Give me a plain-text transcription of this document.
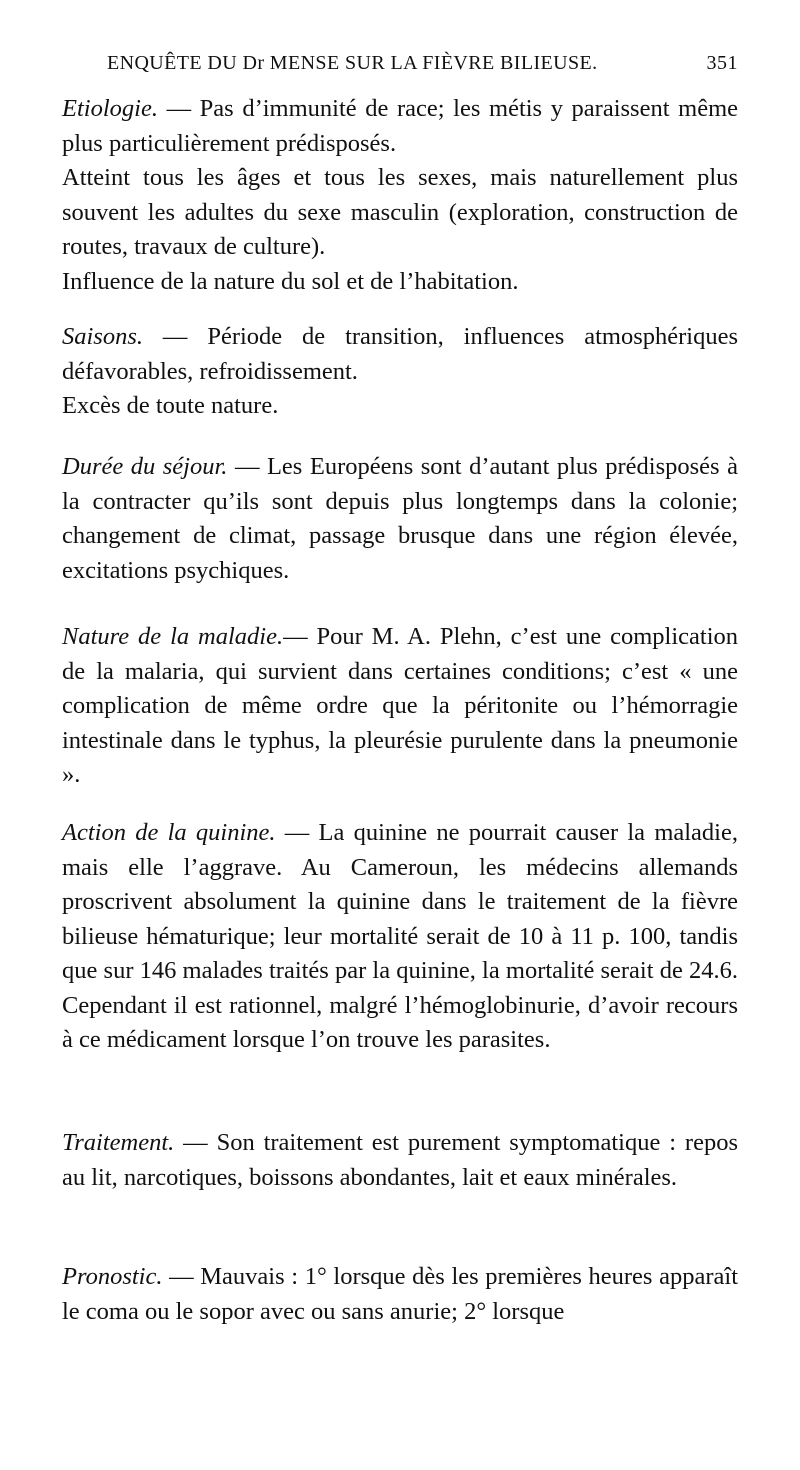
ENQUÊTE DU Dr MENSE SUR LA FIÈVRE BILIEUSE.	351

Etiologie. — Pas d’immunité de race; les métis y paraissent même plus particulièrement prédisposés.

Atteint tous les âges et tous les sexes, mais naturellement plus souvent les adultes du sexe masculin (exploration, construction de routes, travaux de culture).

Influence de la nature du sol et de l’habitation.

Saisons. — Période de transition, influences atmosphériques défavorables, refroidissement.

Excès de toute nature.

Durée du séjour. — Les Européens sont d’autant plus prédisposés à la contracter qu’ils sont depuis plus longtemps dans la colonie; changement de climat, passage brusque dans une région élevée, excitations psychiques.

Nature de la maladie.— Pour M. A. Plehn, c’est une complication de la malaria, qui survient dans certaines conditions; c’est « une complication de même ordre que la péritonite ou l’hémorragie intestinale dans le typhus, la pleurésie purulente dans la pneumonie ».

Action de la quinine. — La quinine ne pourrait causer la maladie, mais elle l’aggrave. Au Cameroun, les médecins allemands proscrivent absolument la quinine dans le traitement de la fièvre bilieuse hématurique; leur mortalité serait de 10 à 11 p. 100, tandis que sur 146 malades traités par la quinine, la mortalité serait de 24.6. Cependant il est rationnel, malgré l’hémoglobinurie, d’avoir recours à ce médicament lorsque l’on trouve les parasites.

Traitement. — Son traitement est purement symptomatique : repos au lit, narcotiques, boissons abondantes, lait et eaux minérales.

Pronostic. — Mauvais : 1° lorsque dès les premières heures apparaît le coma ou le sopor avec ou sans anurie; 2° lorsque
